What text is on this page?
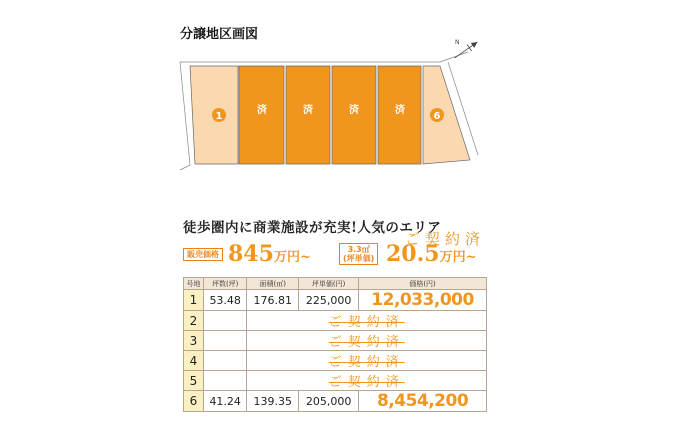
分譲地区画図
1
済	済	済	済
6
N
徒歩圏内に商業施設が充実!人気のエリア
ご契約済
販売価格 845万円~
3.3㎡
(坪単価) 20.5万円~
号地	坪数(坪)	面積(㎡)	坪単価(円)	価格(円)
1	53.48	176.81	225,000	12,033,000
2		ご契約済		
3		ご契約済		
4		ご契約済		
5		ご契約済		
6	41.24	139.35	205,000	8,454,200
